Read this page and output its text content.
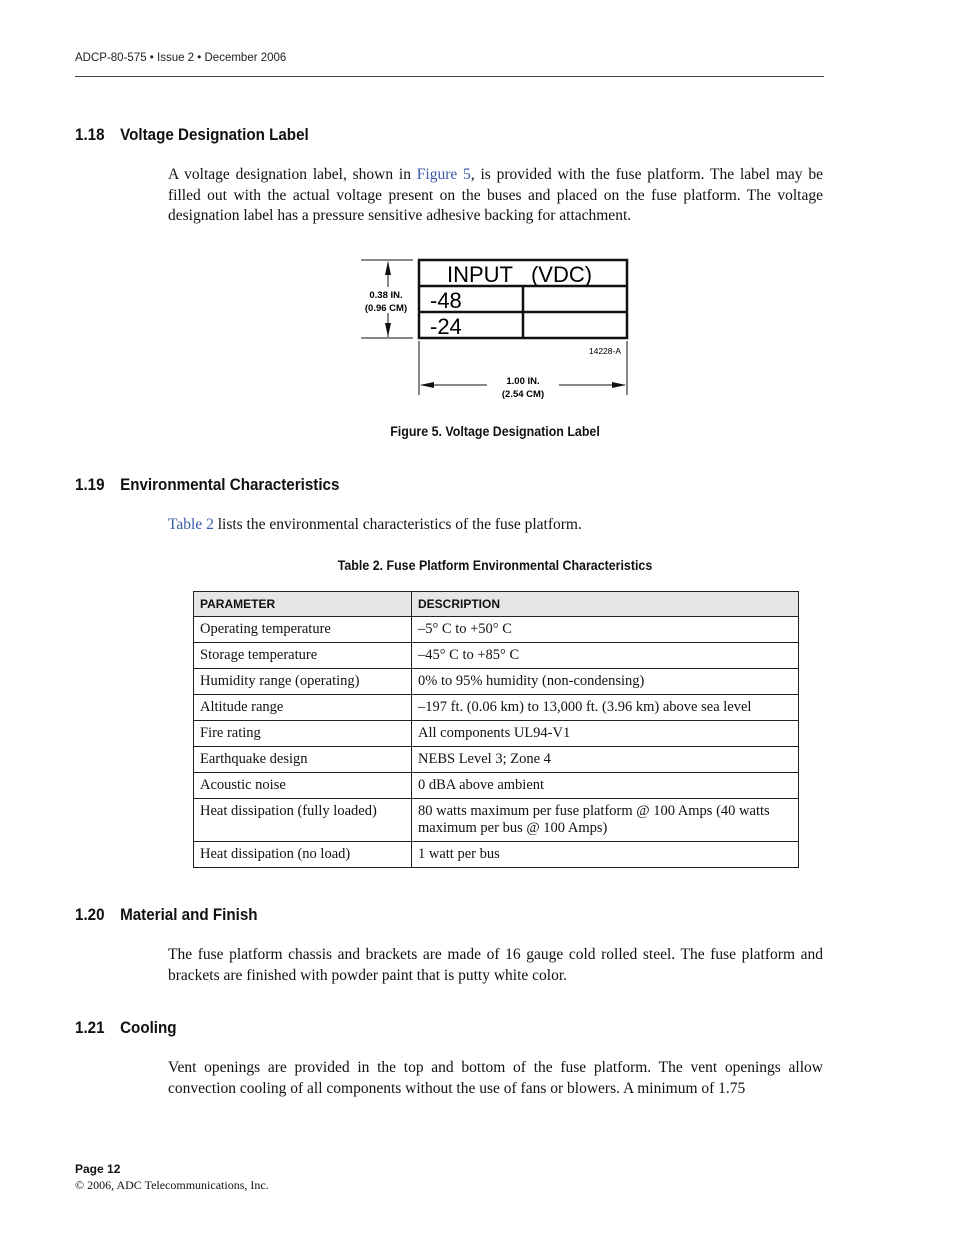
ADCP-80-575 • Issue 2 • December 2006
1.18 Voltage Designation Label
A voltage designation label, shown in Figure 5, is provided with the fuse platform. The label may be filled out with the actual voltage present on the buses and placed on the fuse platform. The voltage designation label has a pressure sensitive adhesive backing for attachment.
0.38 IN.
(0.96 CM)
INPUT   (VDC)
-48
-24
14228-A
1.00 IN.
(2.54 CM)
Figure 5. Voltage Designation Label
1.19 Environmental Characteristics
Table 2 lists the environmental characteristics of the fuse platform.
Table 2. Fuse Platform Environmental Characteristics
PARAMETER	DESCRIPTION
Operating temperature	–5° C to +50° C
Storage temperature	–45° C to +85° C
Humidity range (operating)	0% to 95% humidity (non-condensing)
Altitude range	–197 ft. (0.06 km) to 13,000 ft. (3.96 km) above sea level
Fire rating	All components UL94-V1
Earthquake design	NEBS Level 3; Zone 4
Acoustic noise	0 dBA above ambient
Heat dissipation (fully loaded)	80 watts maximum per fuse platform @ 100 Amps (40 watts maximum per bus @ 100 Amps)
Heat dissipation (no load)	1 watt per bus
1.20 Material and Finish
The fuse platform chassis and brackets are made of 16 gauge cold rolled steel. The fuse platform and brackets are finished with powder paint that is putty white color.
1.21 Cooling
Vent openings are provided in the top and bottom of the fuse platform. The vent openings allow convection cooling of all components without the use of fans or blowers. A minimum of 1.75
Page 12
© 2006, ADC Telecommunications, Inc.
